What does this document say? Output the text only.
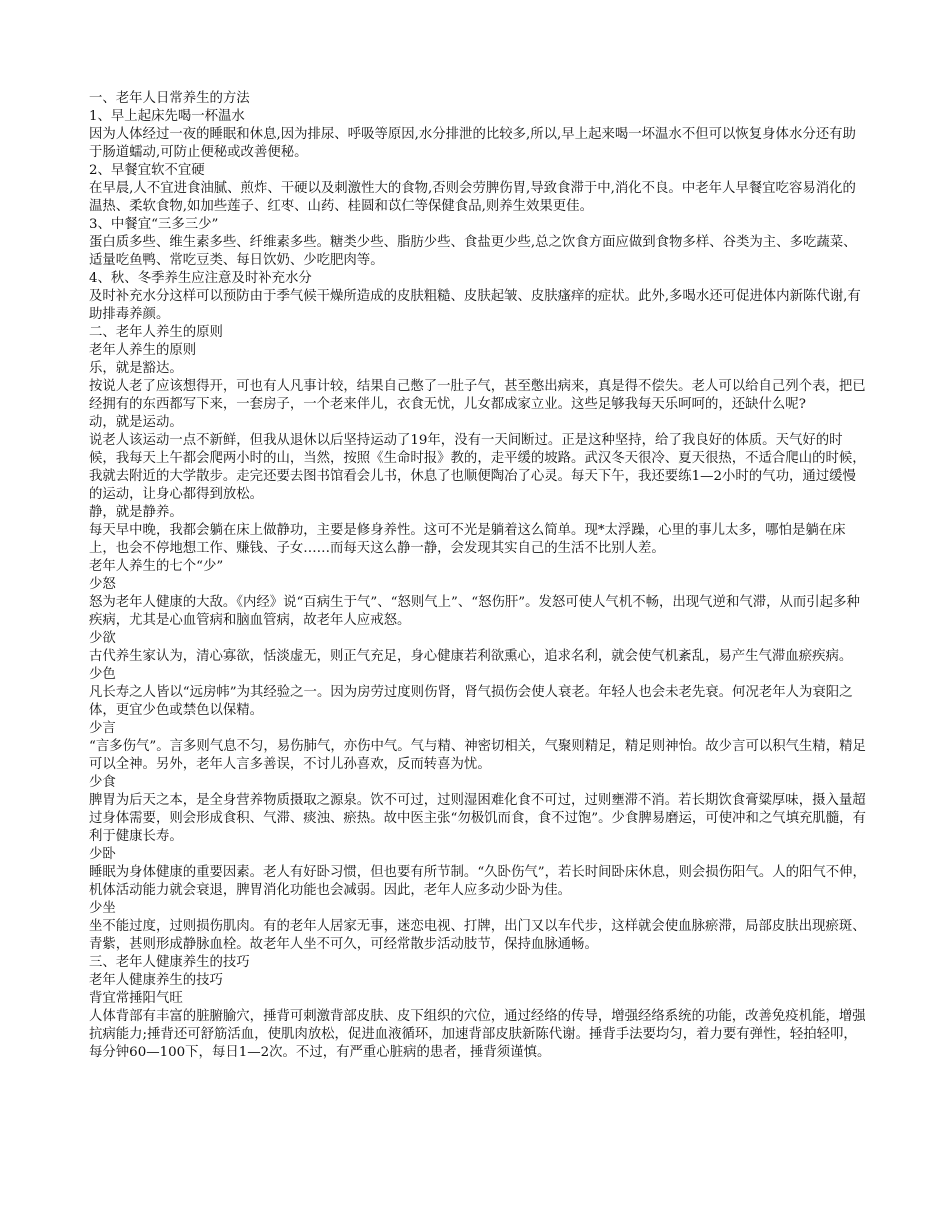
一、老年人日常养生的方法

1、早上起床先喝一杯温水

因为人体经过一夜的睡眠和休息,因为排尿、呼吸等原因,水分排泄的比较多,所以,早上起来喝一坏温水不但可以恢复身体水分还有助于肠道蠕动,可防止便秘或改善便秘。

2、早餐宜软不宜硬

在早晨,人不宜进食油腻、煎炸、干硬以及刺激性大的食物,否则会劳脾伤胃,导致食滞于中,消化不良。中老年人早餐宜吃容易消化的温热、柔软食物,如加些莲子、红枣、山药、桂圆和苡仁等保健食品,则养生效果更佳。

3、中餐宜“三多三少”

蛋白质多些、维生素多些、纤维素多些。糖类少些、脂肪少些、食盐更少些,总之饮食方面应做到食物多样、谷类为主、多吃蔬菜、适量吃鱼鸭、常吃豆类、每日饮奶、少吃肥肉等。

4、秋、冬季养生应注意及时补充水分

及时补充水分这样可以预防由于季气候干燥所造成的皮肤粗糙、皮肤起皱、皮肤瘙痒的症状。此外,多喝水还可促进体内新陈代谢,有助排毒养颜。

二、老年人养生的原则

老年人养生的原则

乐，就是豁达。

按说人老了应该想得开，可也有人凡事计较，结果自己憋了一肚子气，甚至憋出病来，真是得不偿失。老人可以给自己列个表，把已经拥有的东西都写下来，一套房子，一个老来伴儿，衣食无忧，儿女都成家立业。这些足够我每天乐呵呵的，还缺什么呢?

动，就是运动。

说老人该运动一点不新鲜，但我从退休以后坚持运动了19年，没有一天间断过。正是这种坚持，给了我良好的体质。天气好的时候，我每天上午都会爬两小时的山，当然，按照《生命时报》教的，走平缓的坡路。武汉冬天很冷、夏天很热，不适合爬山的时候，我就去附近的大学散步。走完还要去图书馆看会儿书，休息了也顺便陶冶了心灵。每天下午，我还要练1—2小时的气功，通过缓慢的运动，让身心都得到放松。

静，就是静养。

每天早中晚，我都会躺在床上做静功，主要是修身养性。这可不光是躺着这么简单。现*太浮躁，心里的事儿太多，哪怕是躺在床上，也会不停地想工作、赚钱、子女……而每天这么静一静，会发现其实自己的生活不比别人差。

老年人养生的七个“少”

少怒

怒为老年人健康的大敌。《内经》说“百病生于气”、“怒则气上”、“怒伤肝”。发怒可使人气机不畅，出现气逆和气滞，从而引起多种疾病，尤其是心血管病和脑血管病，故老年人应戒怒。

少欲

古代养生家认为，清心寡欲，恬淡虚无，则正气充足，身心健康若利欲熏心，追求名利，就会使气机紊乱，易产生气滞血瘀疾病。

少色

凡长寿之人皆以“远房帏”为其经验之一。因为房劳过度则伤肾，肾气损伤会使人衰老。年轻人也会未老先衰。何况老年人为衰阳之体，更宜少色或禁色以保精。

少言

“言多伤气”。言多则气息不匀，易伤肺气，亦伤中气。气与精、神密切相关，气聚则精足，精足则神怡。故少言可以积气生精，精足可以全神。另外，老年人言多善误，不讨儿孙喜欢，反而转喜为忧。

少食

脾胃为后天之本，是全身营养物质摄取之源泉。饮不可过，过则湿困难化食不可过，过则壅滞不消。若长期饮食膏粱厚味，摄入量超过身体需要，则会形成食积、气滞、痰浊、瘀热。故中医主张“勿极饥而食，食不过饱”。少食脾易磨运，可使冲和之气填充肌髓，有利于健康长寿。

少卧

睡眠为身体健康的重要因素。老人有好卧习惯，但也要有所节制。“久卧伤气”，若长时间卧床休息，则会损伤阳气。人的阳气不伸，机体活动能力就会衰退，脾胃消化功能也会减弱。因此，老年人应多动少卧为佳。

少坐

坐不能过度，过则损伤肌肉。有的老年人居家无事，迷恋电视、打牌，出门又以车代步，这样就会使血脉瘀滞，局部皮肤出现瘀斑、青紫，甚则形成静脉血栓。故老年人坐不可久，可经常散步活动肢节，保持血脉通畅。

三、老年人健康养生的技巧

老年人健康养生的技巧

背宜常捶阳气旺

人体背部有丰富的脏腑腧穴，捶背可刺激背部皮肤、皮下组织的穴位，通过经络的传导，增强经络系统的功能，改善免疫机能，增强抗病能力;捶背还可舒筋活血，使肌肉放松，促进血液循环，加速背部皮肤新陈代谢。捶背手法要均匀，着力要有弹性，轻拍轻叩，每分钟60—100下，每日1—2次。不过，有严重心脏病的患者，捶背须谨慎。
